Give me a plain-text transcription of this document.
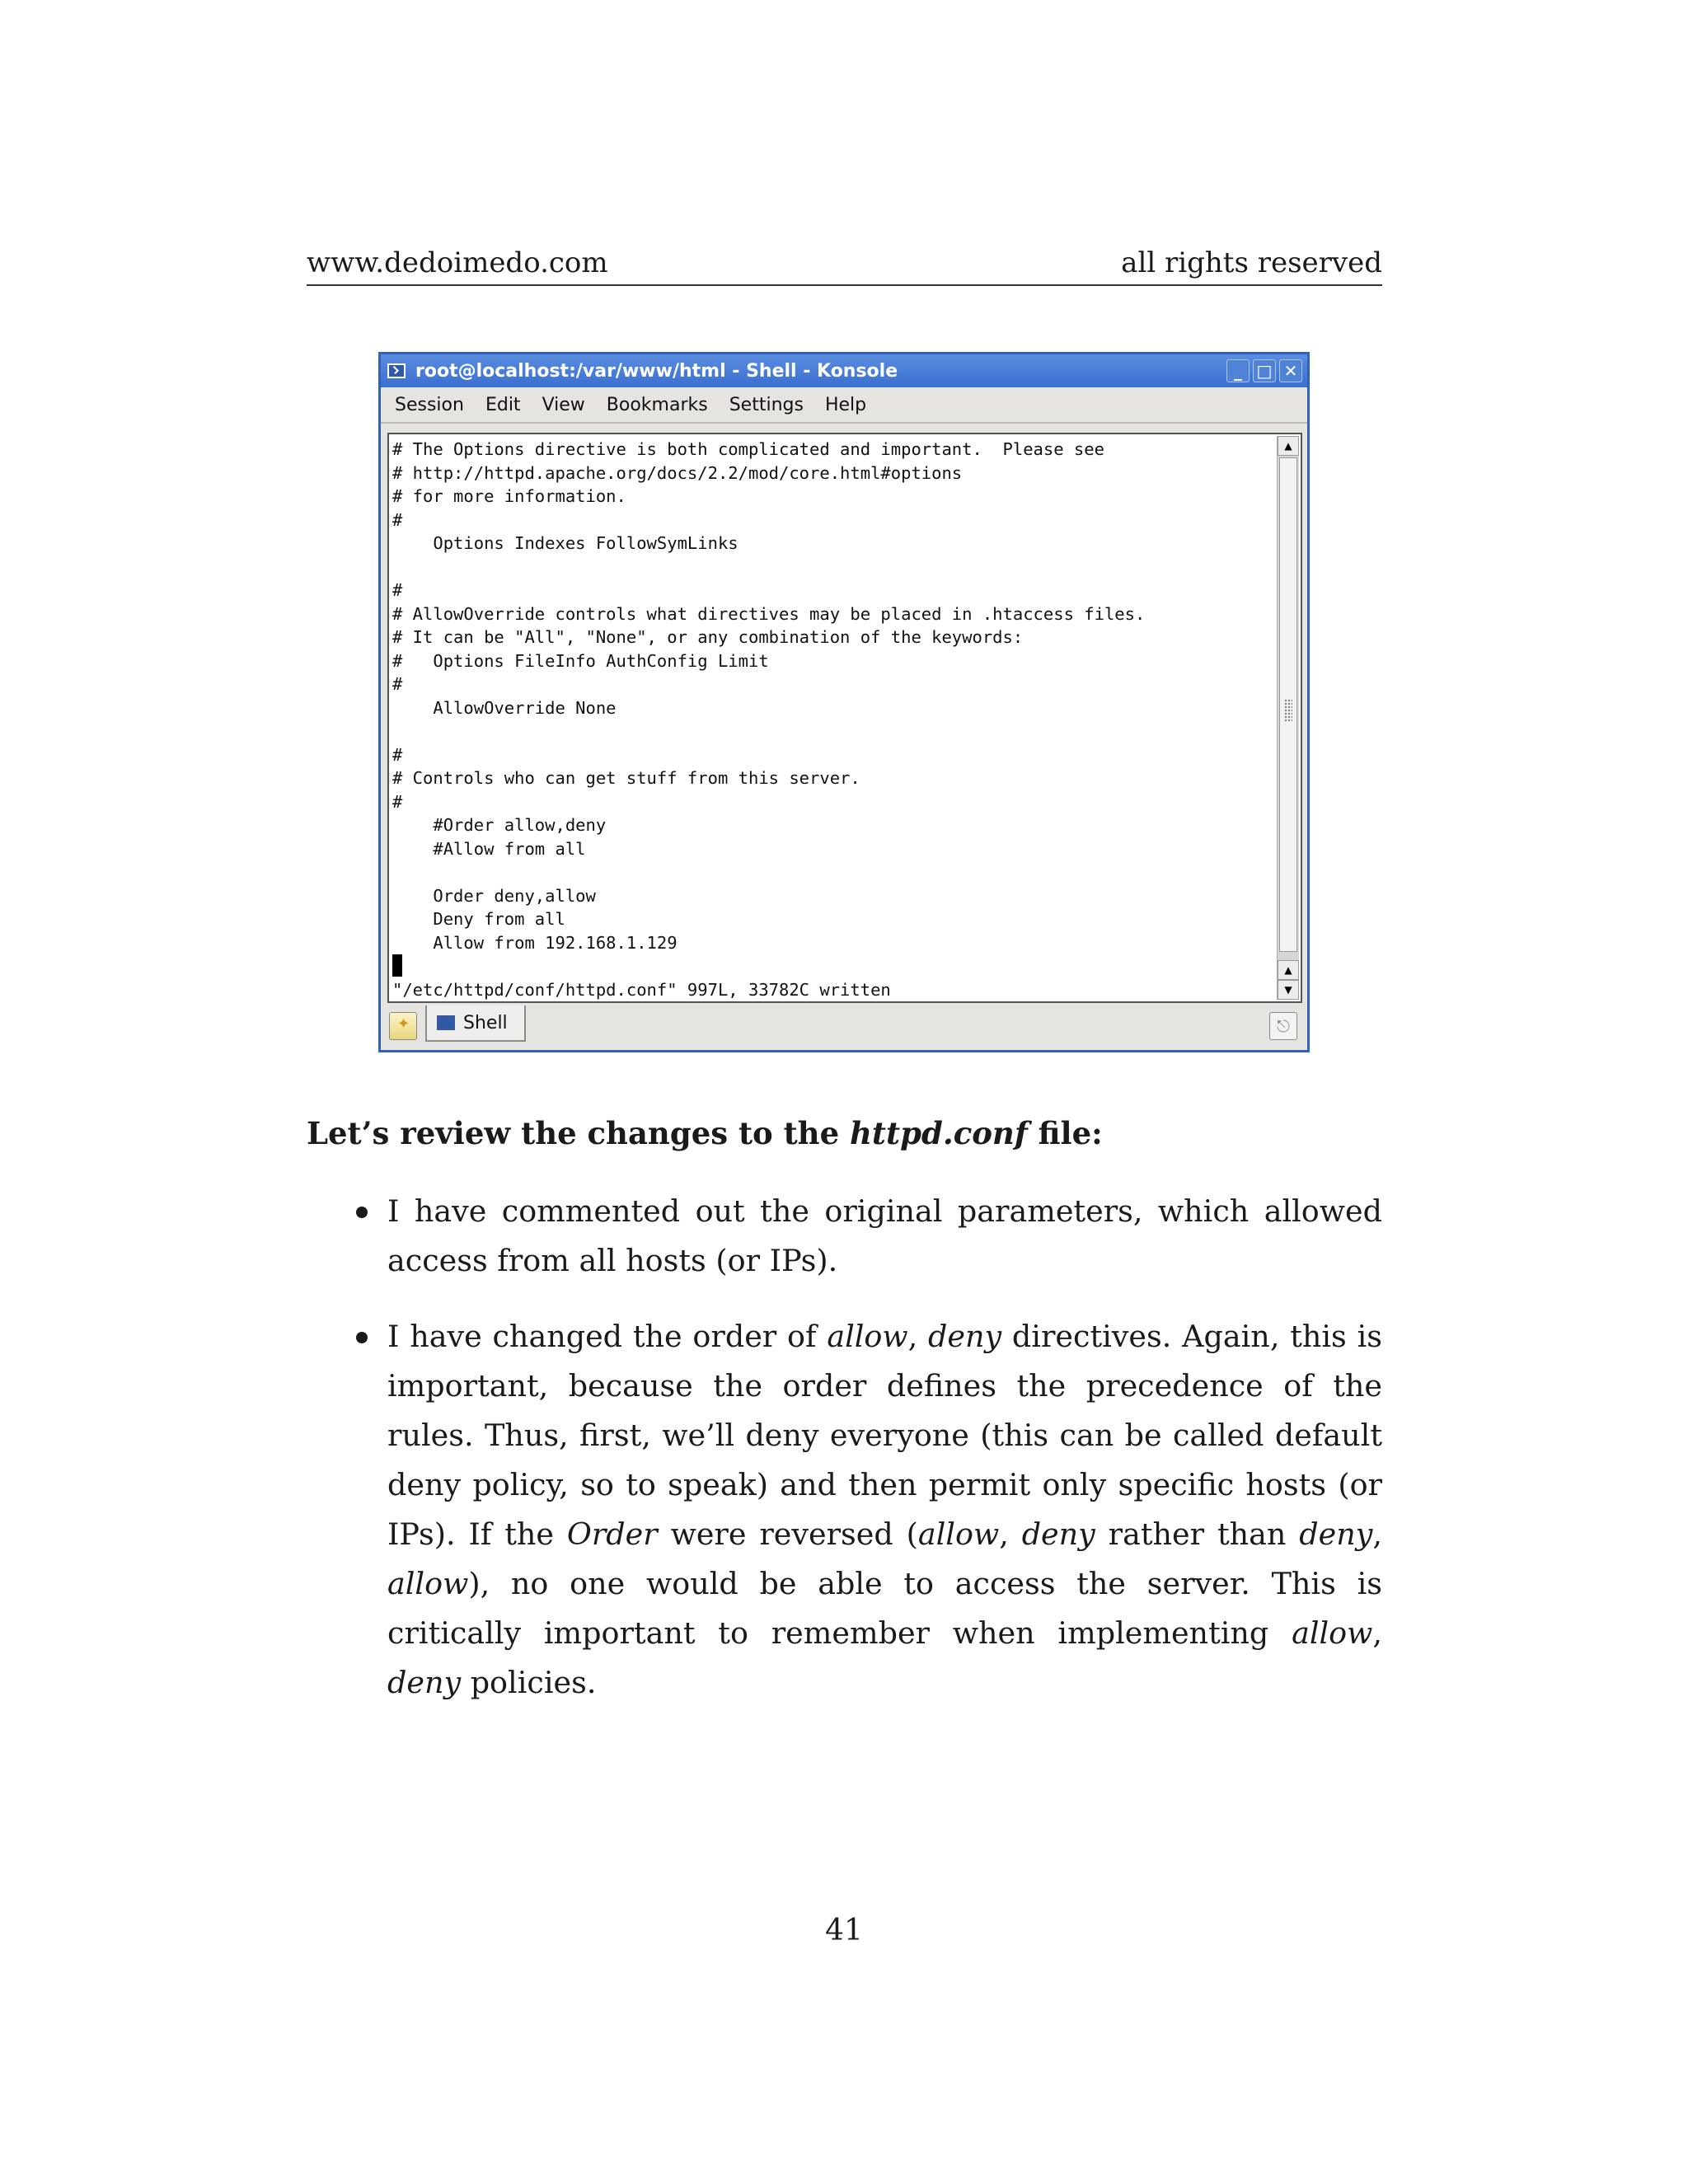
www.dedoimedo.com	all rights reserved
root@localhost:/var/www/html - Shell - Konsole	_ □ ✕
Session Edit View Bookmarks Settings Help
# The Options directive is both complicated and important.  Please see
# http://httpd.apache.org/docs/2.2/mod/core.html#options
# for more information.
#
Options Indexes FollowSymLinks
#
# AllowOverride controls what directives may be placed in .htaccess files.
# It can be "All", "None", or any combination of the keywords:
#   Options FileInfo AuthConfig Limit
#
AllowOverride None
#
# Controls who can get stuff from this server.
#
#Order allow,deny
#Allow from all
Order deny,allow
Deny from all
Allow from 192.168.1.129
"/etc/httpd/conf/httpd.conf" 997L, 33782C written
▲
▲
▼
✦
Shell	⎋
Let’s review the changes to the httpd.conf file:
I have commented out the original parameters, which allowed access from all hosts (or IPs).
I have changed the order of allow, deny directives. Again, this is important, because the order defines the precedence of the rules. Thus, first, we’ll deny everyone (this can be called default deny policy, so to speak) and then permit only specific hosts (or IPs). If the Order were reversed (allow, deny rather than deny, allow), no one would be able to access the server. This is critically important to remember when implementing allow, deny policies.
41
